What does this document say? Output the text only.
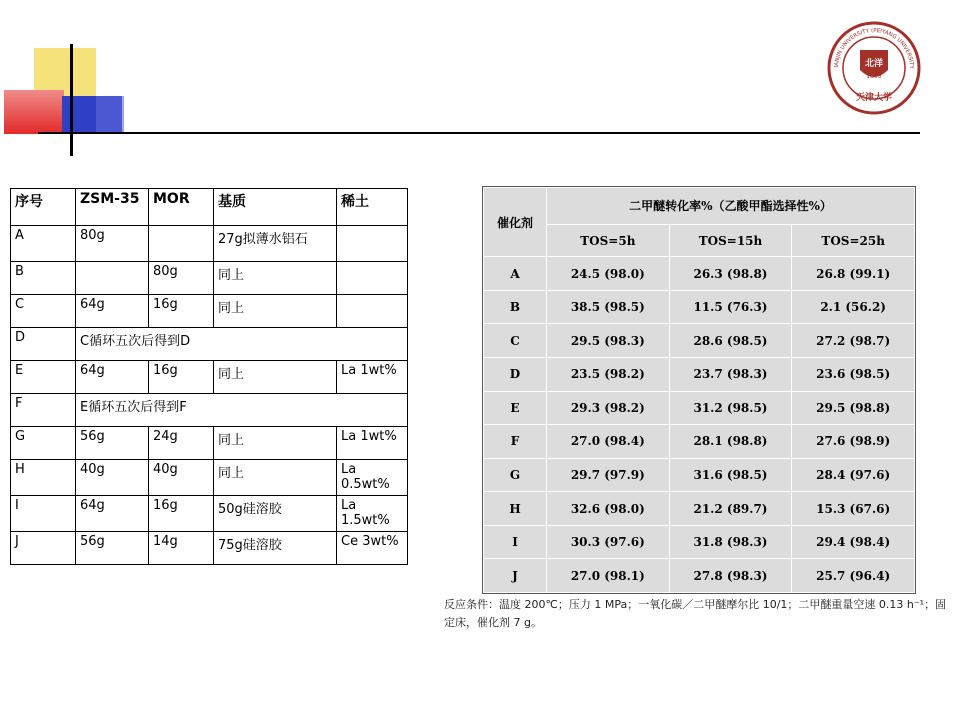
北洋
1895
天津大学
IANJIN UNIVERSITY (PEIYANG UNIVERSITY
序号	ZSM-35	MOR	基质	稀土
A	80g		27g拟薄水铝石	
B		80g	同上	
C	64g	16g	同上	
D	C循环五次后得到D			
E	64g	16g	同上	La 1wt%
F	E循环五次后得到F			
G	56g	24g	同上	La 1wt%
H	40g	40g	同上	La 0.5wt%
I	64g	16g	50g硅溶胶	La 1.5wt%
J	56g	14g	75g硅溶胶	Ce 3wt%
催化剂	二甲醚转化率%（乙酸甲酯选择性%）		
	TOS=5h	TOS=15h	TOS=25h
A	24.5 (98.0)	26.3 (98.8)	26.8 (99.1)
B	38.5 (98.5)	11.5 (76.3)	2.1 (56.2)
C	29.5 (98.3)	28.6 (98.5)	27.2 (98.7)
D	23.5 (98.2)	23.7 (98.3)	23.6 (98.5)
E	29.3 (98.2)	31.2 (98.5)	29.5 (98.8)
F	27.0 (98.4)	28.1 (98.8)	27.6 (98.9)
G	29.7 (97.9)	31.6 (98.5)	28.4 (97.6)
H	32.6 (98.0)	21.2 (89.7)	15.3 (67.6)
I	30.3 (97.6)	31.8 (98.3)	29.4 (98.4)
J	27.0 (98.1)	27.8 (98.3)	25.7 (96.4)
反应条件：温度 200℃；压力 1 MPa；一氧化碳／二甲醚摩尔比 10/1；二甲醚重量空速 0.13 h⁻¹；固定床，催化剂 7 g。
